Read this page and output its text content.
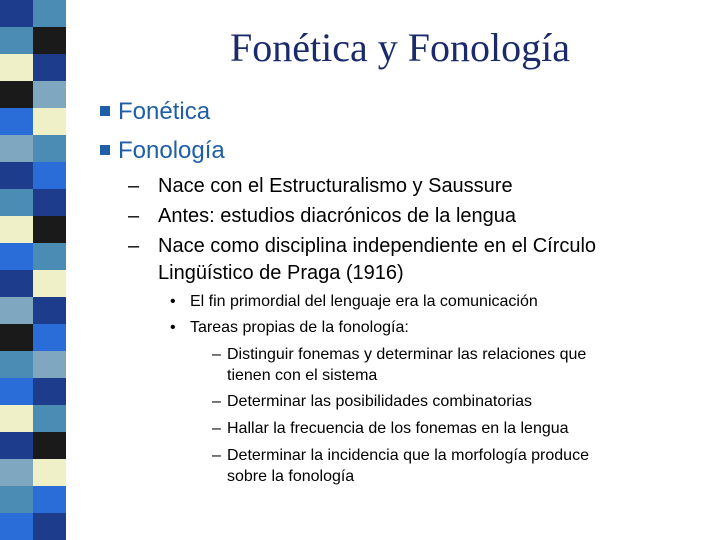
Fonética y Fonología
Fonética
Fonología
– Nace con el Estructuralismo y Saussure
– Antes: estudios diacrónicos de la lengua
– Nace como disciplina independiente en el Círculo
Lingüístico de Praga (1916)
• El fin primordial del lenguaje era la comunicación
• Tareas propias de la fonología:
– Distinguir fonemas y determinar las relaciones que
tienen con el sistema
– Determinar las posibilidades combinatorias
– Hallar la frecuencia de los fonemas en la lengua
– Determinar la incidencia que la morfología produce
sobre la fonología
